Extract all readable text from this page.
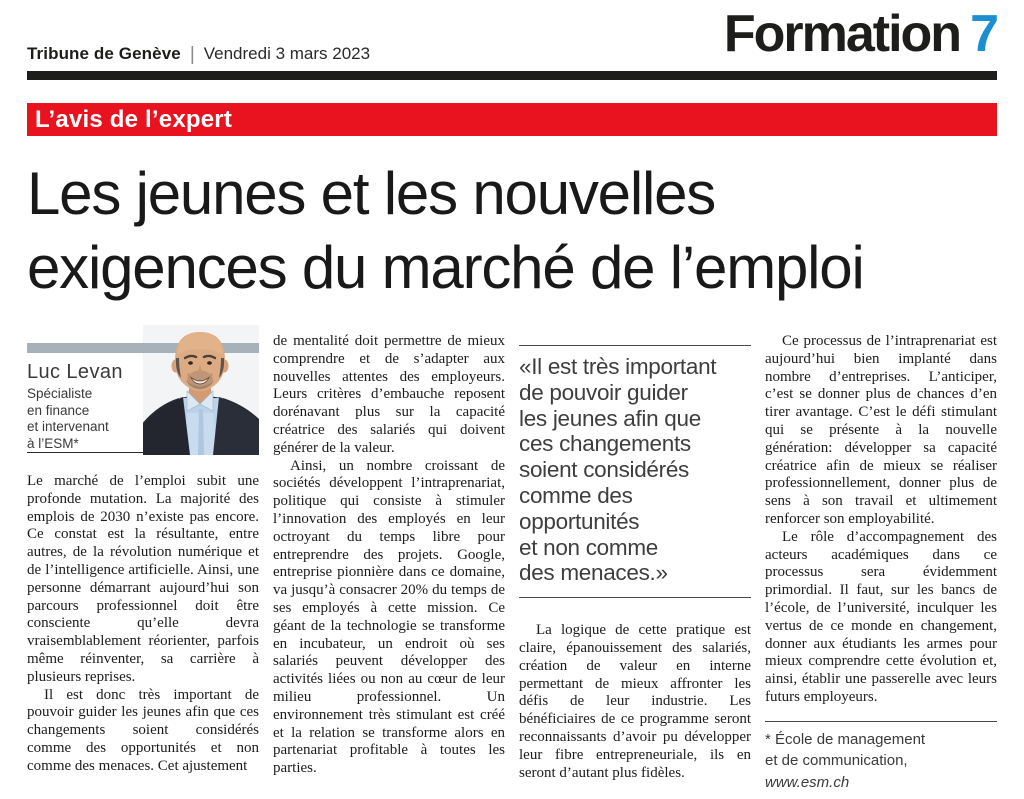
Tribune de Genève | Vendredi 3 mars 2023	Formation 7
L’avis de l’expert
Les jeunes et les nouvelles
exigences du marché de l’emploi
Luc Levan
Spécialiste
en finance
et intervenant
à l’ESM*

Le marché de l’emploi subit une profonde mutation. La majorité des emplois de 2030 n’existe pas encore. Ce constat est la résultante, entre autres, de la révolution numérique et de l’intelligence artificielle. Ainsi, une personne démarrant aujourd’hui son parcours professionnel doit être consciente qu’elle devra vraisemblablement réorienter, parfois même réinventer, sa carrière à plusieurs reprises.

Il est donc très important de pouvoir guider les jeunes afin que ces changements soient considérés comme des opportunités et non comme des menaces. Cet ajustement

de mentalité doit permettre de mieux comprendre et de s’adapter aux nouvelles attentes des employeurs. Leurs critères d’embauche reposent dorénavant plus sur la capacité créatrice des salariés qui doivent générer de la valeur.

Ainsi, un nombre croissant de sociétés développent l’intraprenariat, politique qui consiste à stimuler l’innovation des employés en leur octroyant du temps libre pour entreprendre des projets. Google, entreprise pionnière dans ce domaine, va jusqu’à consacrer 20% du temps de ses employés à cette mission. Ce géant de la technologie se transforme en incubateur, un endroit où ses salariés peuvent développer des activités liées ou non au cœur de leur milieu professionnel. Un environnement très stimulant est créé et la relation se transforme alors en partenariat profitable à toutes les parties.

«Il est très important
de pouvoir guider
les jeunes afin que
ces changements
soient considérés
comme des
opportunités
et non comme
des menaces.»

La logique de cette pratique est claire, épanouissement des salariés, création de valeur en interne permettant de mieux affronter les défis de leur industrie. Les bénéficiaires de ce programme seront reconnaissants d’avoir pu développer leur fibre entrepreneuriale, ils en seront d’autant plus fidèles.

Ce processus de l’intraprenariat est aujourd’hui bien implanté dans nombre d’entreprises. L’anticiper, c’est se donner plus de chances d’en tirer avantage. C’est le défi stimulant qui se présente à la nouvelle génération: développer sa capacité créatrice afin de mieux se réaliser professionnellement, donner plus de sens à son travail et ultimement renforcer son employabilité.

Le rôle d’accompagnement des acteurs académiques dans ce processus sera évidemment primordial. Il faut, sur les bancs de l’école, de l’université, inculquer les vertus de ce monde en changement, donner aux étudiants les armes pour mieux comprendre cette évolution et, ainsi, établir une passerelle avec leurs futurs employeurs.

* École de management
et de communication,
www.esm.ch
